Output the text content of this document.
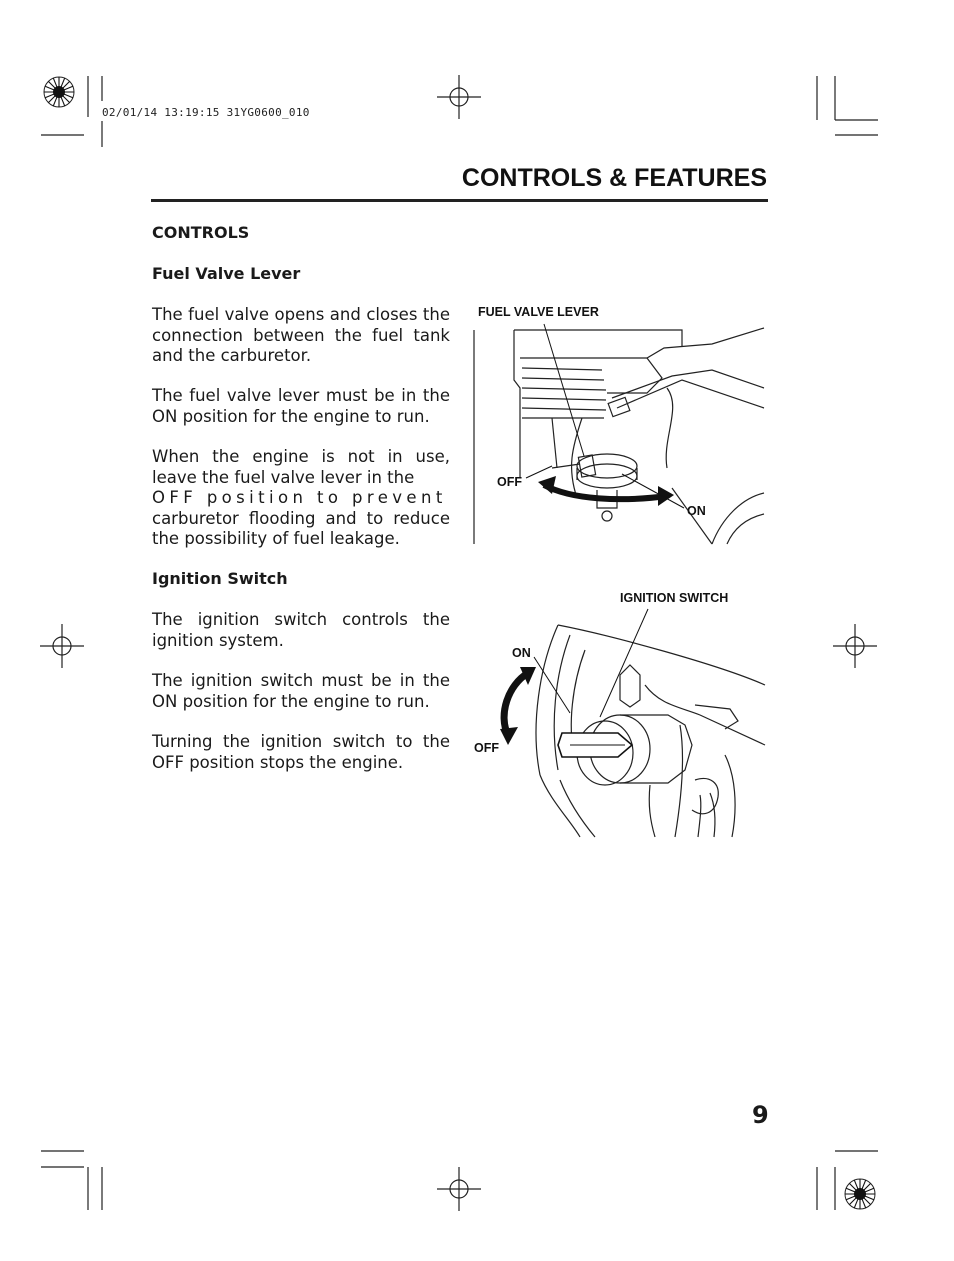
02/01/14 13:19:15 31YG0600_010
CONTROLS & FEATURES
CONTROLS
Fuel Valve Lever
The fuel valve opens and closes the connection between the fuel tank and the carburetor.
The fuel valve lever must be in the ON position for the engine to run.
When the engine is not in use, leave the fuel valve lever in the
OFF position to prevent
carburetor flooding and to reduce the possibility of fuel leakage.
Ignition Switch
The ignition switch controls the ignition system.
The ignition switch must be in the ON position for the engine to run.
Turning the ignition switch to the OFF position stops the engine.
FUEL VALVE LEVER
OFF
ON
IGNITION SWITCH
ON
OFF
9
